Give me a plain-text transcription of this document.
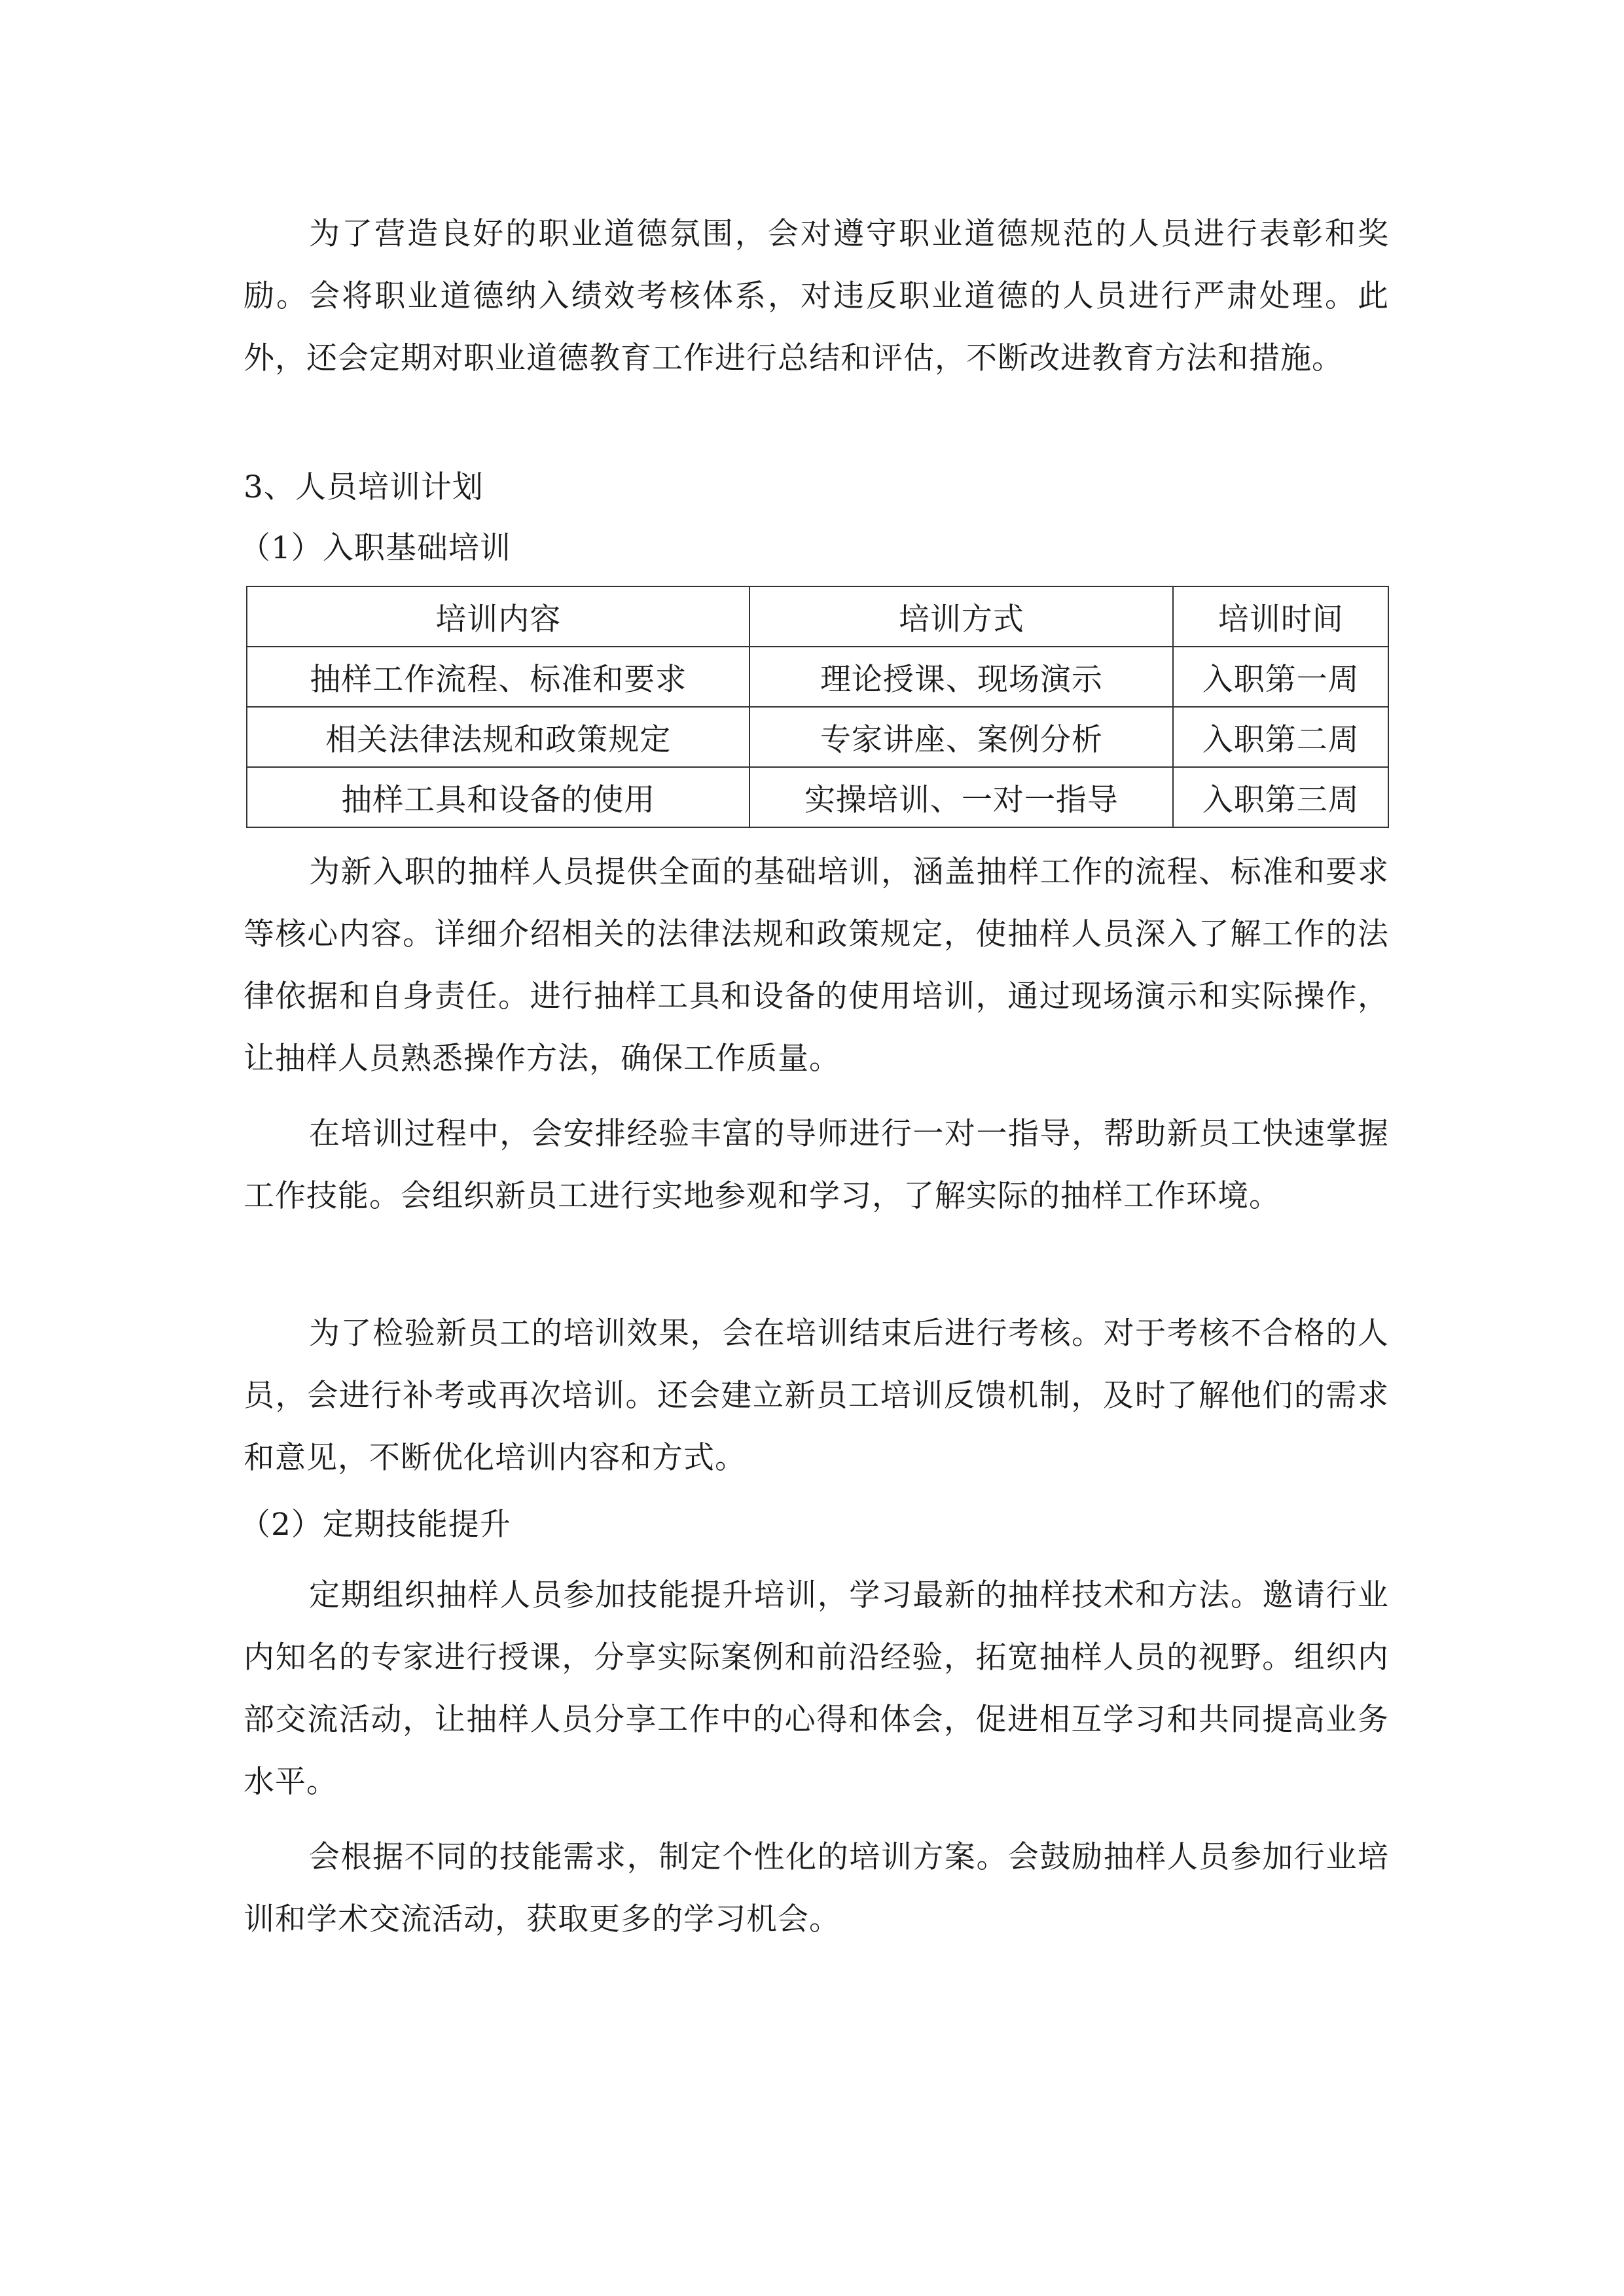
为了营造良好的职业道德氛围，会对遵守职业道德规范的人员进行表彰和奖励。会将职业道德纳入绩效考核体系，对违反职业道德的人员进行严肃处理。此外，还会定期对职业道德教育工作进行总结和评估，不断改进教育方法和措施。

3、人员培训计划
（1）入职基础培训
培训内容	培训方式	培训时间
抽样工作流程、标准和要求	理论授课、现场演示	入职第一周
相关法律法规和政策规定	专家讲座、案例分析	入职第二周
抽样工具和设备的使用	实操培训、一对一指导	入职第三周

为新入职的抽样人员提供全面的基础培训，涵盖抽样工作的流程、标准和要求等核心内容。详细介绍相关的法律法规和政策规定，使抽样人员深入了解工作的法律依据和自身责任。进行抽样工具和设备的使用培训，通过现场演示和实际操作，让抽样人员熟悉操作方法，确保工作质量。

在培训过程中，会安排经验丰富的导师进行一对一指导，帮助新员工快速掌握工作技能。会组织新员工进行实地参观和学习，了解实际的抽样工作环境。

为了检验新员工的培训效果，会在培训结束后进行考核。对于考核不合格的人员，会进行补考或再次培训。还会建立新员工培训反馈机制，及时了解他们的需求和意见，不断优化培训内容和方式。

（2）定期技能提升

定期组织抽样人员参加技能提升培训，学习最新的抽样技术和方法。邀请行业内知名的专家进行授课，分享实际案例和前沿经验，拓宽抽样人员的视野。组织内部交流活动，让抽样人员分享工作中的心得和体会，促进相互学习和共同提高业务水平。

会根据不同的技能需求，制定个性化的培训方案。会鼓励抽样人员参加行业培训和学术交流活动，获取更多的学习机会。
